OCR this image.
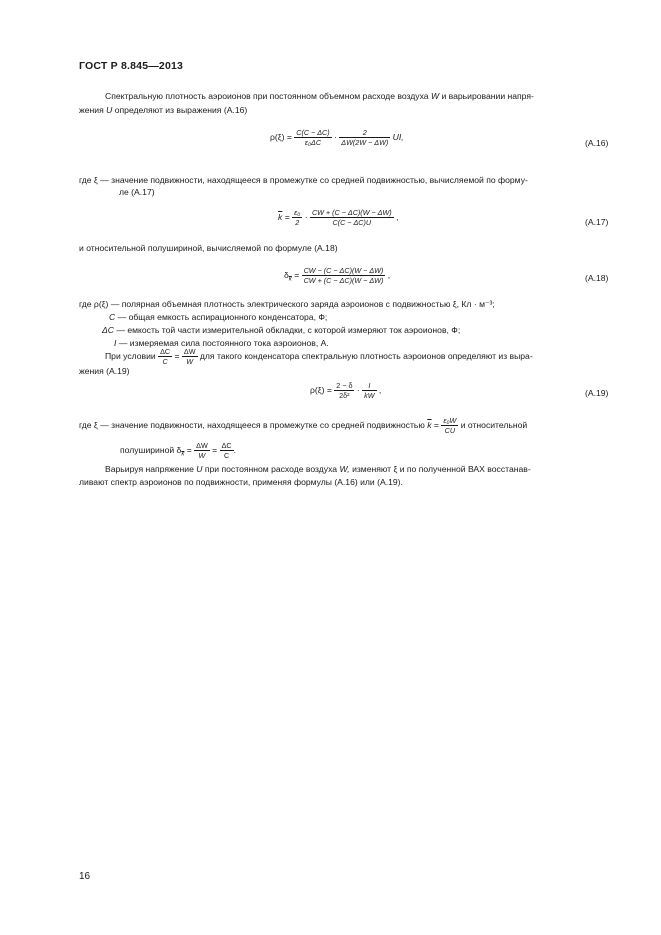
ГОСТ Р 8.845—2013
Спектральную плотность аэроионов при постоянном объемном расходе воздуха W и варьировании напря-
жения U определяют из выражения (А.16)
$\rho(\xi) = \frac{C(C - \Delta C)}{\text{ε₀ΔC}} \cdot \frac{2}{\Delta W(2W - \Delta W)}$ UI,
(А.16)
где ξ — значение подвижности, находящееся в промежутке со средней подвижностью, вычисляемой по форму-
ле (А.17)
$\overline{k} = \frac{\text{ε₀}}{2} \cdot \frac{CW + (C - \Delta C)(W - \Delta W)}{C(C - \Delta C)U}$ ,
(А.17)
и относительной полушириной, вычисляемой по формуле (А.18)
$\delta_{\overline{k}} = \frac{CW - (C - \Delta C)(W - \Delta W)}{CW + (C - \Delta C)(W - \Delta W)}$ ,	(А.18)
где ρ(ξ) — полярная объемная плотность электрического заряда аэроионов с подвижностью ξ, Кл · м⁻³;
C — общая емкость аспирационного конденсатора, Ф;
ΔC — емкость той части измерительной обкладки, с которой измеряют ток аэроионов, Ф;
I — измеряемая сила постоянного тока аэроионов, А.
При условии $\frac{\Delta C}{C} = \frac{\Delta W}{W}$ для такого конденсатора спектральную плотность аэроионов определяют из выра-
жения (А.19)
$\rho(\xi) = \frac{2 - \delta}{\text{2δ²}} \cdot \frac{I}{kW}$ ,	(А.19)
где ξ — значение подвижности, находящееся в промежутке со средней подвижностью $\overline{k} = \frac{\text{ε₀W}}{CU}$ и относительной
полушириной $\delta_{\overline{k}} = \frac{\Delta W}{W} = \frac{\Delta C}{C}$ .
Варьируя напряжение U при постоянном расходе воздуха W, изменяют ξ и по полученной ВАХ восстанав-
ливают спектр аэроионов по подвижности, применяя формулы (А.16) или (А.19).
16
